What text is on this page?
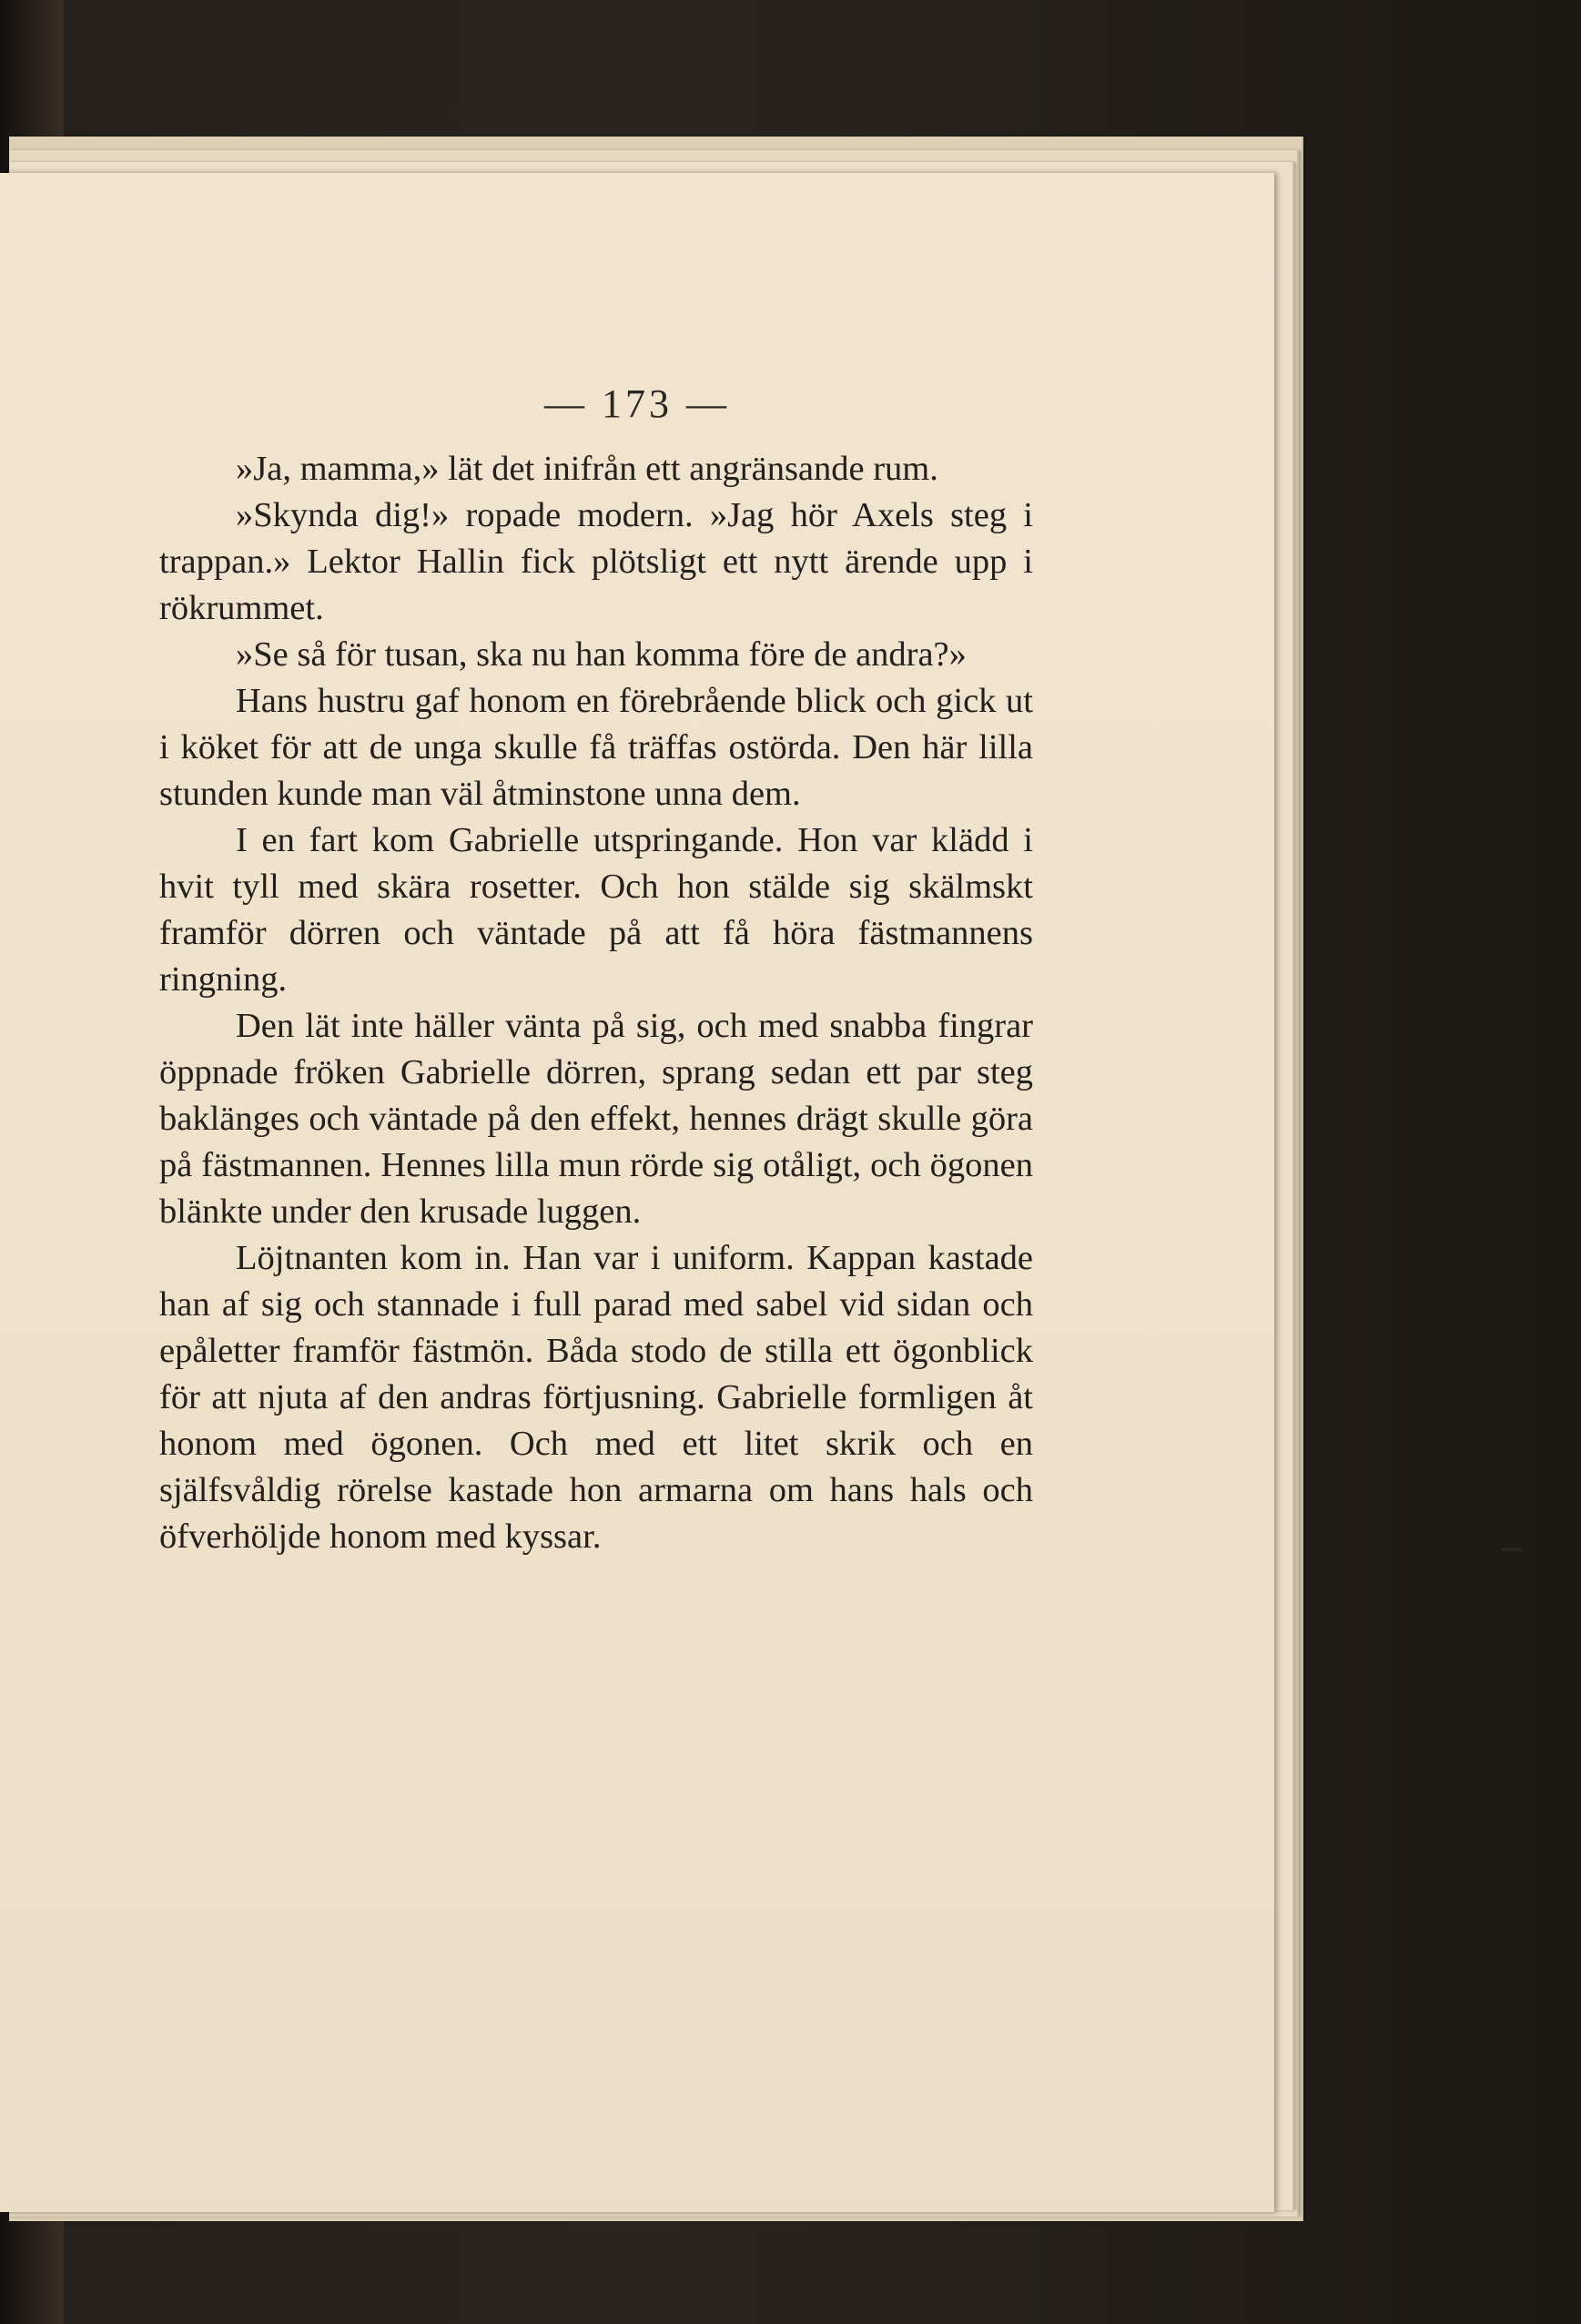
— 173 —

»Ja, mamma,» lät det inifrån ett angränsande rum.

»Skynda dig!» ropade modern. »Jag hör Axels steg i trappan.» Lektor Hallin fick plötsligt ett nytt ärende upp i rökrummet.

»Se så för tusan, ska nu han komma före de andra?»

Hans hustru gaf honom en förebrående blick och gick ut i köket för att de unga skulle få träffas ostörda. Den här lilla stunden kunde man väl åtminstone unna dem.

I en fart kom Gabrielle utspringande. Hon var klädd i hvit tyll med skära rosetter. Och hon stälde sig skälmskt framför dörren och väntade på att få höra fästmannens ringning.

Den lät inte häller vänta på sig, och med snabba fingrar öppnade fröken Gabrielle dörren, sprang sedan ett par steg baklänges och väntade på den effekt, hennes drägt skulle göra på fästmannen. Hennes lilla mun rörde sig otåligt, och ögonen blänkte under den krusade luggen.

Löjtnanten kom in. Han var i uniform. Kappan kastade han af sig och stannade i full parad med sabel vid sidan och epåletter framför fästmön. Båda stodo de stilla ett ögonblick för att njuta af den andras förtjusning. Gabrielle formligen åt honom med ögonen. Och med ett litet skrik och en själfsvåldig rörelse kastade hon armarna om hans hals och öfverhöljde honom med kyssar.
